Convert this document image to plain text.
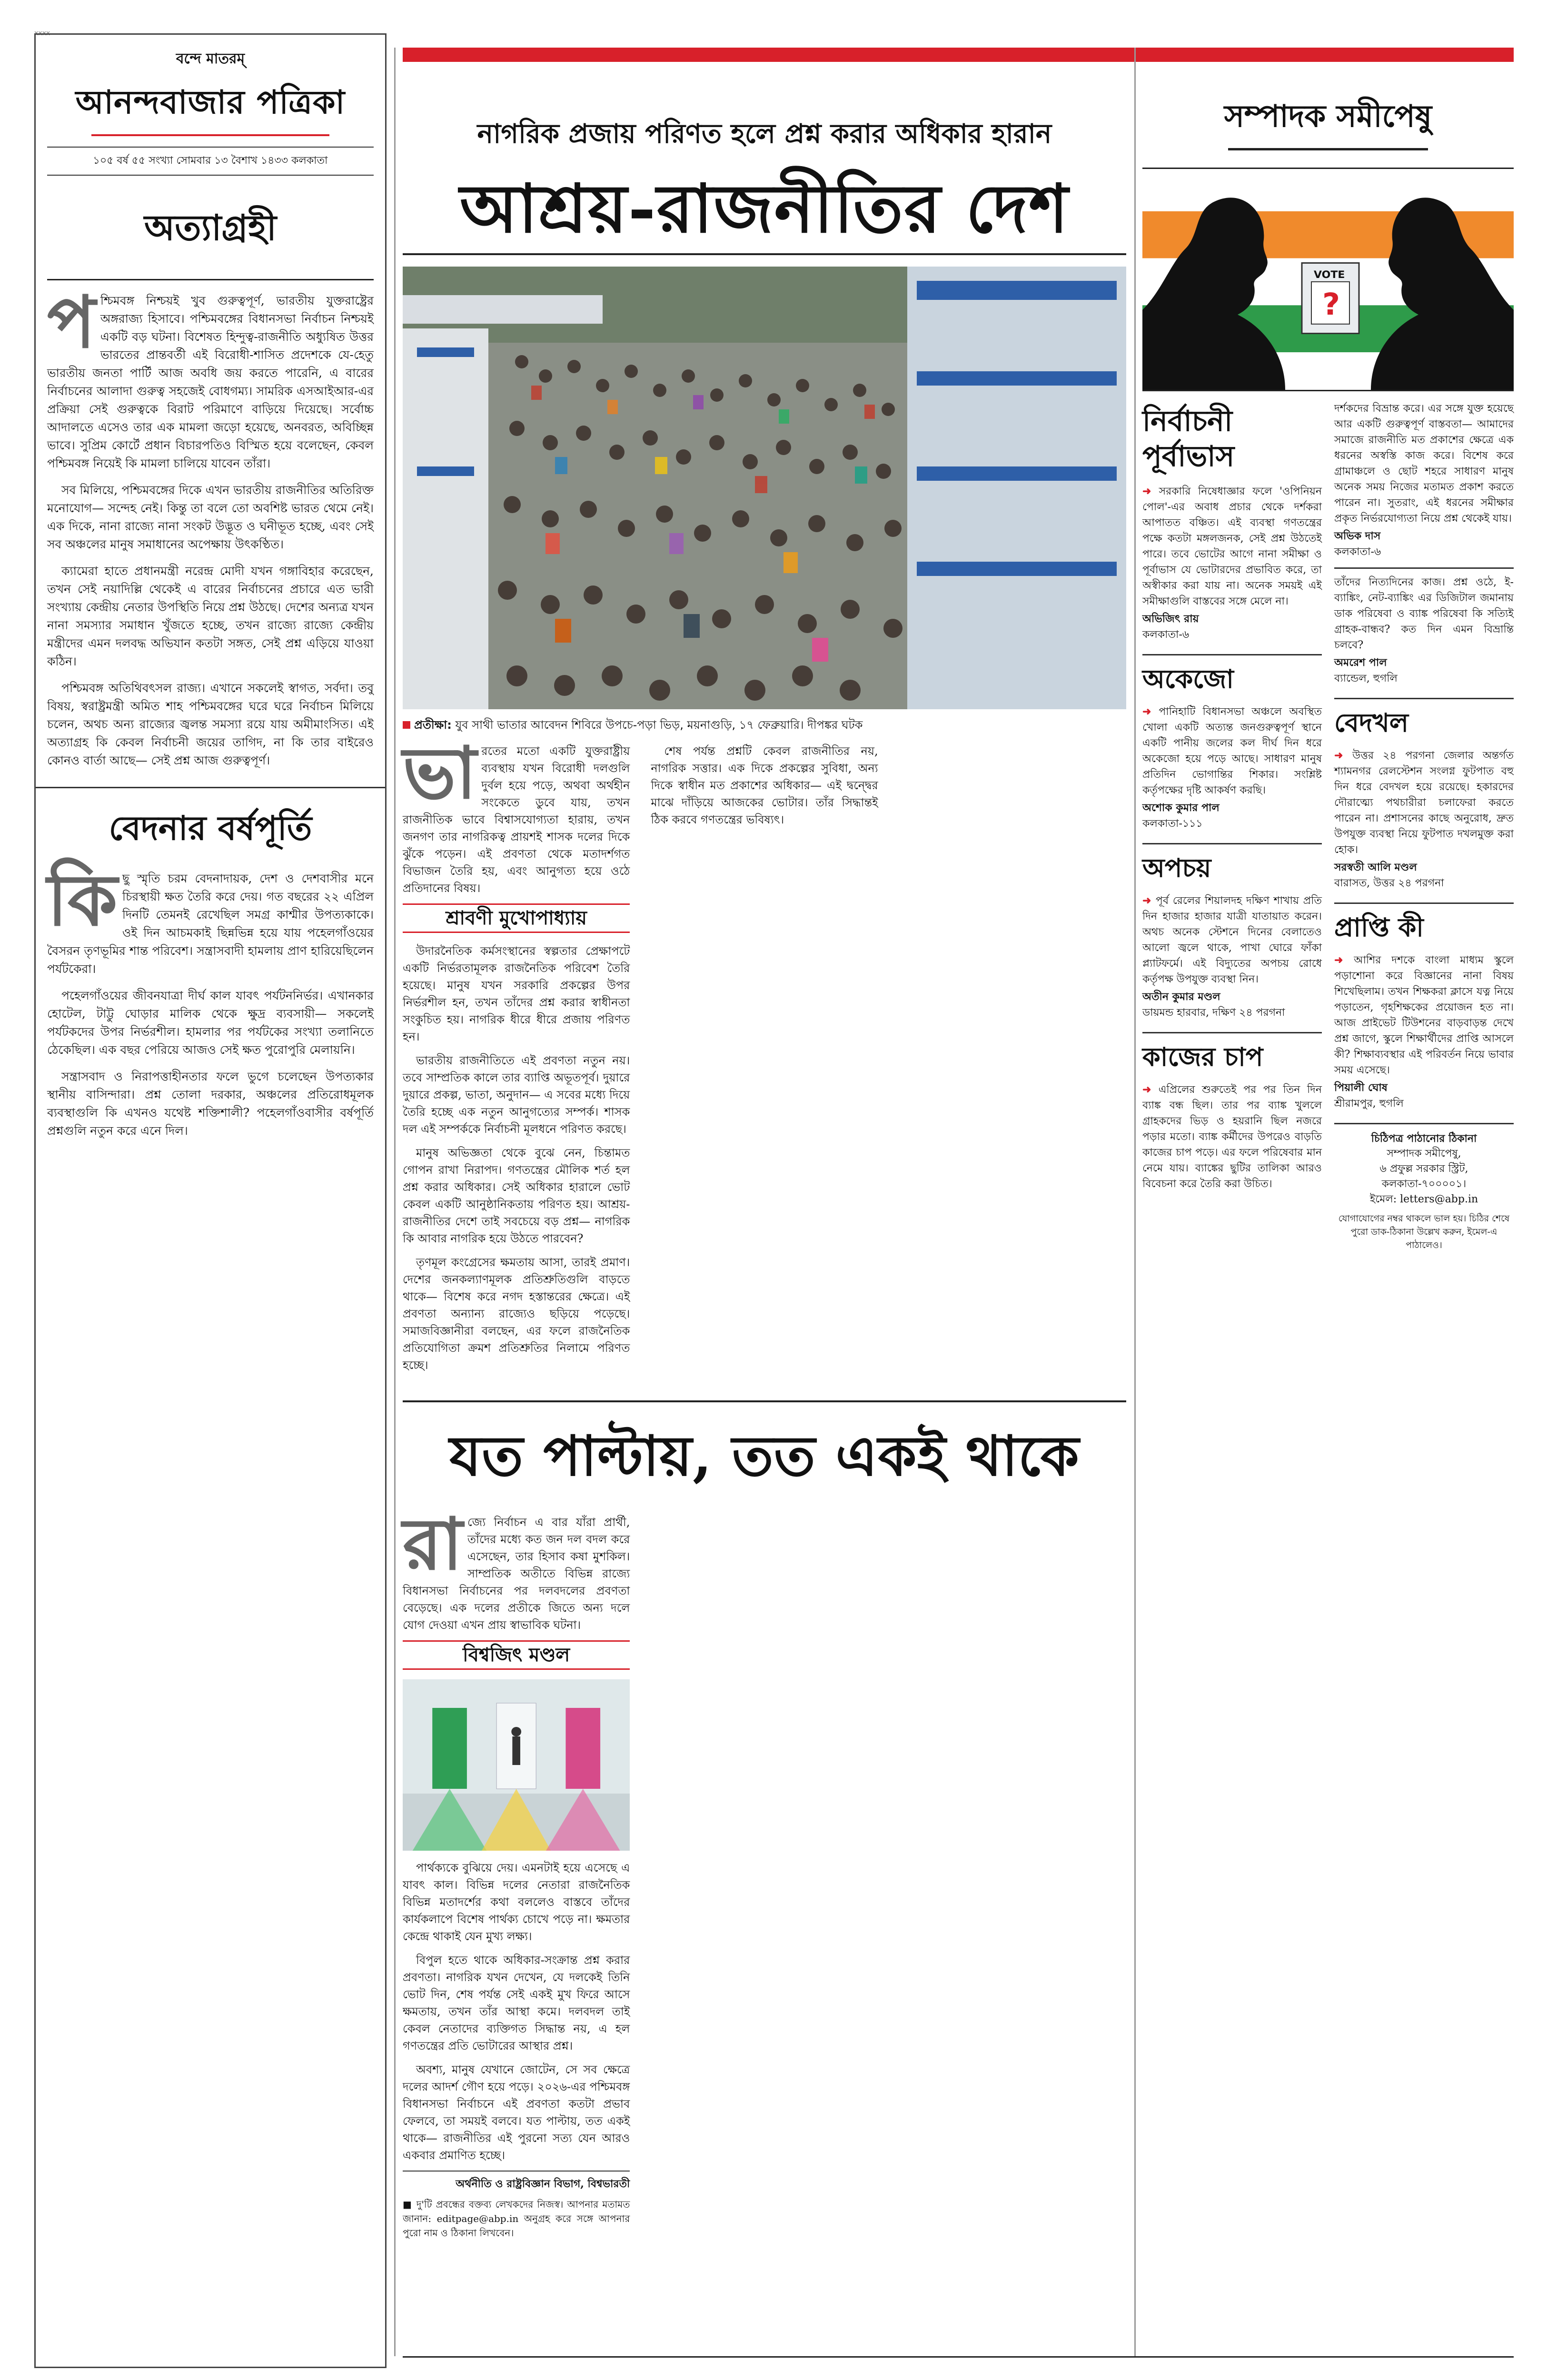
xxxx
বন্দে মাতরম্
আনন্দবাজার পত্রিকা
১০৫ বর্ষ ৫৫ সংখ্যা সোমবার ১৩ বৈশাখ ১৪৩৩ কলকাতা
অত্যাগ্রহী

পশ্চিমবঙ্গ নিশ্চয়ই খুব গুরুত্বপূর্ণ, ভারতীয় যুক্তরাষ্ট্রের অঙ্গরাজ্য হিসাবে। পশ্চিমবঙ্গের বিধানসভা নির্বাচন নিশ্চয়ই একটি বড় ঘটনা। বিশেষত হিন্দুত্ব-রাজনীতি অধ্যুষিত উত্তর ভারতের প্রান্তবর্তী এই বিরোধী-শাসিত প্রদেশকে যে-হেতু ভারতীয় জনতা পার্টি আজ অবধি জয় করতে পারেনি, এ বারের নির্বাচনের আলাদা গুরুত্ব সহজেই বোধগম্য। সামরিক এসআইআর-এর প্রক্রিয়া সেই গুরুত্বকে বিরাট পরিমাণে বাড়িয়ে দিয়েছে। সর্বোচ্চ আদালতে এসেও তার এক মামলা জড়ো হয়েছে, অনবরত, অবিচ্ছিন্ন ভাবে। সুপ্রিম কোর্টে প্রধান বিচারপতিও বিস্মিত হয়ে বলেছেন, কেবল পশ্চিমবঙ্গ নিয়েই কি মামলা চালিয়ে যাবেন তাঁরা।

সব মিলিয়ে, পশ্চিমবঙ্গের দিকে এখন ভারতীয় রাজনীতির অতিরিক্ত মনোযোগ— সন্দেহ নেই। কিন্তু তা বলে তো অবশিষ্ট ভারত থেমে নেই। এক দিকে, নানা রাজ্যে নানা সংকট উদ্ভূত ও ঘনীভূত হচ্ছে, এবং সেই সব অঞ্চলের মানুষ সমাধানের অপেক্ষায় উৎকণ্ঠিত।

ক্যামেরা হাতে প্রধানমন্ত্রী নরেন্দ্র মোদী যখন গঙ্গাবিহার করেছেন, তখন সেই নয়াদিল্লি থেকেই এ বারের নির্বাচনের প্রচারে এত ভারী সংখ্যায় কেন্দ্রীয় নেতার উপস্থিতি নিয়ে প্রশ্ন উঠছে। দেশের অন্যত্র যখন নানা সমস্যার সমাধান খুঁজতে হচ্ছে, তখন রাজ্যে রাজ্যে কেন্দ্রীয় মন্ত্রীদের এমন দলবদ্ধ অভিযান কতটা সঙ্গত, সেই প্রশ্ন এড়িয়ে যাওয়া কঠিন।

পশ্চিমবঙ্গ অতিথিবৎসল রাজ্য। এখানে সকলেই স্বাগত, সর্বদা। তবু বিষয়, স্বরাষ্ট্রমন্ত্রী অমিত শাহ পশ্চিমবঙ্গের ঘরে ঘরে নির্বাচন মিলিয়ে চলেন, অথচ অন্য রাজ্যের জ্বলন্ত সমস্যা রয়ে যায় অমীমাংসিত। এই অত্যাগ্রহ কি কেবল নির্বাচনী জয়ের তাগিদ, না কি তার বাইরেও কোনও বার্তা আছে— সেই প্রশ্ন আজ গুরুত্বপূর্ণ।

বেদনার বর্ষপূর্তি

কিছু স্মৃতি চরম বেদনাদায়ক, দেশ ও দেশবাসীর মনে চিরস্থায়ী ক্ষত তৈরি করে দেয়। গত বছরের ২২ এপ্রিল দিনটি তেমনই রেখেছিল সমগ্র কাশ্মীর উপত্যকাকে। ওই দিন আচমকাই ছিন্নভিন্ন হয়ে যায় পহেলগাঁওয়ের বৈসরন তৃণভূমির শান্ত পরিবেশ। সন্ত্রাসবাদী হামলায় প্রাণ হারিয়েছিলেন পর্যটকেরা।

পহেলগাঁওয়ের জীবনযাত্রা দীর্ঘ কাল যাবৎ পর্যটননির্ভর। এখানকার হোটেল, টাট্টু ঘোড়ার মালিক থেকে ক্ষুদ্র ব্যবসায়ী— সকলেই পর্যটকদের উপর নির্ভরশীল। হামলার পর পর্যটকের সংখ্যা তলানিতে ঠেকেছিল। এক বছর পেরিয়ে আজও সেই ক্ষত পুরোপুরি মেলায়নি।

সন্ত্রাসবাদ ও নিরাপত্তাহীনতার ফলে ভুগে চলেছেন উপত্যকার স্থানীয় বাসিন্দারা। প্রশ্ন তোলা দরকার, অঞ্চলের প্রতিরোধমূলক ব্যবস্থাগুলি কি এখনও যথেষ্ট শক্তিশালী? পহেলগাঁওবাসীর বর্ষপূর্তি প্রশ্নগুলি নতুন করে এনে দিল।

নাগরিক প্রজায় পরিণত হলে প্রশ্ন করার অধিকার হারান
আশ্রয়-রাজনীতির দেশ
প্রতীক্ষা: যুব সাথী ভাতার আবেদন শিবিরে উপচে-পড়া ভিড়, ময়নাগুড়ি, ১৭ ফেব্রুয়ারি। দীপঙ্কর ঘটক

ভারতের মতো একটি যুক্তরাষ্ট্রীয় ব্যবস্থায় যখন বিরোধী দলগুলি দুর্বল হয়ে পড়ে, অথবা অর্থহীন সংকেতে ডুবে যায়, তখন রাজনীতিক ভাবে বিশ্বাসযোগ্যতা হারায়, তখন জনগণ তার নাগরিকত্ব প্রায়শই শাসক দলের দিকে ঝুঁকে পড়েন। এই প্রবণতা থেকে মতাদর্শগত বিভাজন তৈরি হয়, এবং আনুগত্য হয়ে ওঠে প্রতিদানের বিষয়।

শ্রাবণী মুখোপাধ্যায়

উদারনৈতিক কর্মসংস্থানের স্বল্পতার প্রেক্ষাপটে একটি নির্ভরতামূলক রাজনৈতিক পরিবেশ তৈরি হয়েছে। মানুষ যখন সরকারি প্রকল্পের উপর নির্ভরশীল হন, তখন তাঁদের প্রশ্ন করার স্বাধীনতা সংকুচিত হয়। নাগরিক ধীরে ধীরে প্রজায় পরিণত হন।

ভারতীয় রাজনীতিতে এই প্রবণতা নতুন নয়। তবে সাম্প্রতিক কালে তার ব্যাপ্তি অভূতপূর্ব। দুয়ারে দুয়ারে প্রকল্প, ভাতা, অনুদান— এ সবের মধ্যে দিয়ে তৈরি হচ্ছে এক নতুন আনুগত্যের সম্পর্ক। শাসক দল এই সম্পর্ককে নির্বাচনী মূলধনে পরিণত করছে।

মানুষ অভিজ্ঞতা থেকে বুঝে নেন, চিন্তামত গোপন রাখা নিরাপদ। গণতন্ত্রের মৌলিক শর্ত হল প্রশ্ন করার অধিকার। সেই অধিকার হারালে ভোট কেবল একটি আনুষ্ঠানিকতায় পরিণত হয়। আশ্রয়-রাজনীতির দেশে তাই সবচেয়ে বড় প্রশ্ন— নাগরিক কি আবার নাগরিক হয়ে উঠতে পারবেন?

তৃণমূল কংগ্রেসের ক্ষমতায় আসা, তারই প্রমাণ। দেশের জনকল্যাণমূলক প্রতিশ্রুতিগুলি বাড়তে থাকে— বিশেষ করে নগদ হস্তান্তরের ক্ষেত্রে। এই প্রবণতা অন্যান্য রাজ্যেও ছড়িয়ে পড়েছে। সমাজবিজ্ঞানীরা বলছেন, এর ফলে রাজনৈতিক প্রতিযোগিতা ক্রমশ প্রতিশ্রুতির নিলামে পরিণত হচ্ছে।

শেষ পর্যন্ত প্রশ্নটি কেবল রাজনীতির নয়, নাগরিক সত্তার। এক দিকে প্রকল্পের সুবিধা, অন্য দিকে স্বাধীন মত প্রকাশের অধিকার— এই দ্বন্দ্বের মাঝে দাঁড়িয়ে আজকের ভোটার। তাঁর সিদ্ধান্তই ঠিক করবে গণতন্ত্রের ভবিষ্যৎ।

যত পাল্টায়, তত একই থাকে

রাজ্যে নির্বাচন এ বার যাঁরা প্রার্থী, তাঁদের মধ্যে কত জন দল বদল করে এসেছেন, তার হিসাব কষা মুশকিল। সাম্প্রতিক অতীতে বিভিন্ন রাজ্যে বিধানসভা নির্বাচনের পর দলবদলের প্রবণতা বেড়েছে। এক দলের প্রতীকে জিতে অন্য দলে যোগ দেওয়া এখন প্রায় স্বাভাবিক ঘটনা।

বিশ্বজিৎ মণ্ডল

পার্থক্যকে বুঝিয়ে দেয়। এমনটাই হয়ে এসেছে এ যাবৎ কাল। বিভিন্ন দলের নেতারা রাজনৈতিক বিভিন্ন মতাদর্শের কথা বললেও বাস্তবে তাঁদের কার্যকলাপে বিশেষ পার্থক্য চোখে পড়ে না। ক্ষমতার কেন্দ্রে থাকাই যেন মুখ্য লক্ষ্য।

বিপুল হতে থাকে অধিকার-সংক্রান্ত প্রশ্ন করার প্রবণতা। নাগরিক যখন দেখেন, যে দলকেই তিনি ভোট দিন, শেষ পর্যন্ত সেই একই মুখ ফিরে আসে ক্ষমতায়, তখন তাঁর আস্থা কমে। দলবদল তাই কেবল নেতাদের ব্যক্তিগত সিদ্ধান্ত নয়, এ হল গণতন্ত্রের প্রতি ভোটারের আস্থার প্রশ্ন।

অবশ্য, মানুষ যেখানে জোটেন, সে সব ক্ষেত্রে দলের আদর্শ গৌণ হয়ে পড়ে। ২০২৬-এর পশ্চিমবঙ্গ বিধানসভা নির্বাচনে এই প্রবণতা কতটা প্রভাব ফেলবে, তা সময়ই বলবে। যত পাল্টায়, তত একই থাকে— রাজনীতির এই পুরনো সত্য যেন আরও একবার প্রমাণিত হচ্ছে।

অর্থনীতি ও রাষ্ট্রবিজ্ঞান বিভাগ, বিশ্বভারতী
■ দু'টি প্রবন্ধের বক্তব্য লেখকদের নিজস্ব। আপনার মতামত জানান: editpage@abp.in অনুগ্রহ করে সঙ্গে আপনার পুরো নাম ও ঠিকানা লিখবেন।
সম্পাদক সমীপেষু
VOTE
?
নির্বাচনী পূর্বাভাস
➜ সরকারি নিষেধাজ্ঞার ফলে 'ওপিনিয়ন পোল'-এর অবাধ প্রচার থেকে দর্শকরা আপাতত বঞ্চিত। এই ব্যবস্থা গণতন্ত্রের পক্ষে কতটা মঙ্গলজনক, সেই প্রশ্ন উঠতেই পারে। তবে ভোটের আগে নানা সমীক্ষা ও পূর্বাভাস যে ভোটারদের প্রভাবিত করে, তা অস্বীকার করা যায় না। অনেক সময়ই এই সমীক্ষাগুলি বাস্তবের সঙ্গে মেলে না।
অভিজিৎ রায়
কলকাতা-৬
অকেজো
➜ পানিহাটি বিধানসভা অঞ্চলে অবস্থিত খোলা একটি অত্যন্ত জনগুরুত্বপূর্ণ স্থানে একটি পানীয় জলের কল দীর্ঘ দিন ধরে অকেজো হয়ে পড়ে আছে। সাধারণ মানুষ প্রতিদিন ভোগান্তির শিকার। সংশ্লিষ্ট কর্তৃপক্ষের দৃষ্টি আকর্ষণ করছি।
অশোক কুমার পাল
কলকাতা-১১১
অপচয়
➜ পূর্ব রেলের শিয়ালদহ দক্ষিণ শাখায় প্রতি দিন হাজার হাজার যাত্রী যাতায়াত করেন। অথচ অনেক স্টেশনে দিনের বেলাতেও আলো জ্বলে থাকে, পাখা ঘোরে ফাঁকা প্ল্যাটফর্মে। এই বিদ্যুতের অপচয় রোধে কর্তৃপক্ষ উপযুক্ত ব্যবস্থা নিন।
অতীন কুমার মণ্ডল
ডায়মন্ড হারবার, দক্ষিণ ২৪ পরগনা
কাজের চাপ
➜ এপ্রিলের শুরুতেই পর পর তিন দিন ব্যাঙ্ক বন্ধ ছিল। তার পর ব্যাঙ্ক খুললে গ্রাহকদের ভিড় ও হয়রানি ছিল নজরে পড়ার মতো। ব্যাঙ্ক কর্মীদের উপরেও বাড়তি কাজের চাপ পড়ে। এর ফলে পরিষেবার মান নেমে যায়। ব্যাঙ্কের ছুটির তালিকা আরও বিবেচনা করে তৈরি করা উচিত।
দর্শকদের বিভ্রান্ত করে। এর সঙ্গে যুক্ত হয়েছে আর একটি গুরুত্বপূর্ণ বাস্তবতা— আমাদের সমাজে রাজনীতি মত প্রকাশের ক্ষেত্রে এক ধরনের অস্বস্তি কাজ করে। বিশেষ করে গ্রামাঞ্চলে ও ছোট শহরে সাধারণ মানুষ অনেক সময় নিজের মতামত প্রকাশ করতে পারেন না। সুতরাং, এই ধরনের সমীক্ষার প্রকৃত নির্ভরযোগ্যতা নিয়ে প্রশ্ন থেকেই যায়।
অভিক দাস
কলকাতা-৬
তাঁদের নিত্যদিনের কাজ। প্রশ্ন ওঠে, ই-ব্যাঙ্কিং, নেট-ব্যাঙ্কিং এর ডিজিটাল জমানায় ডাক পরিষেবা ও ব্যাঙ্ক পরিষেবা কি সত্যিই গ্রাহক-বান্ধব? কত দিন এমন বিভ্রান্তি চলবে?
অমরেশ পাল
ব্যান্ডেল, হুগলি
বেদখল
➜ উত্তর ২৪ পরগনা জেলার অন্তর্গত শ্যামনগর রেলস্টেশন সংলগ্ন ফুটপাত বহু দিন ধরে বেদখল হয়ে রয়েছে। হকারদের দৌরাত্ম্যে পথচারীরা চলাফেরা করতে পারেন না। প্রশাসনের কাছে অনুরোধ, দ্রুত উপযুক্ত ব্যবস্থা নিয়ে ফুটপাত দখলমুক্ত করা হোক।
সরস্বতী আলি মণ্ডল
বারাসত, উত্তর ২৪ পরগনা
প্রাপ্তি কী
➜ আশির দশকে বাংলা মাধ্যম স্কুলে পড়াশোনা করে বিজ্ঞানের নানা বিষয় শিখেছিলাম। তখন শিক্ষকরা ক্লাসে যত্ন নিয়ে পড়াতেন, গৃহশিক্ষকের প্রয়োজন হত না। আজ প্রাইভেট টিউশনের বাড়বাড়ন্ত দেখে প্রশ্ন জাগে, স্কুলে শিক্ষার্থীদের প্রাপ্তি আসলে কী? শিক্ষাব্যবস্থার এই পরিবর্তন নিয়ে ভাবার সময় এসেছে।
পিয়ালী ঘোষ
শ্রীরামপুর, হুগলি
চিঠিপত্র পাঠানোর ঠিকানা
সম্পাদক সমীপেষু,
৬ প্রফুল্ল সরকার স্ট্রিট,
কলকাতা-৭০০০০১।
ইমেল: letters@abp.in
যোগাযোগের নম্বর থাকলে ভাল হয়। চিঠির শেষে পুরো ডাক-ঠিকানা উল্লেখ করুন, ইমেল-এ পাঠালেও।
